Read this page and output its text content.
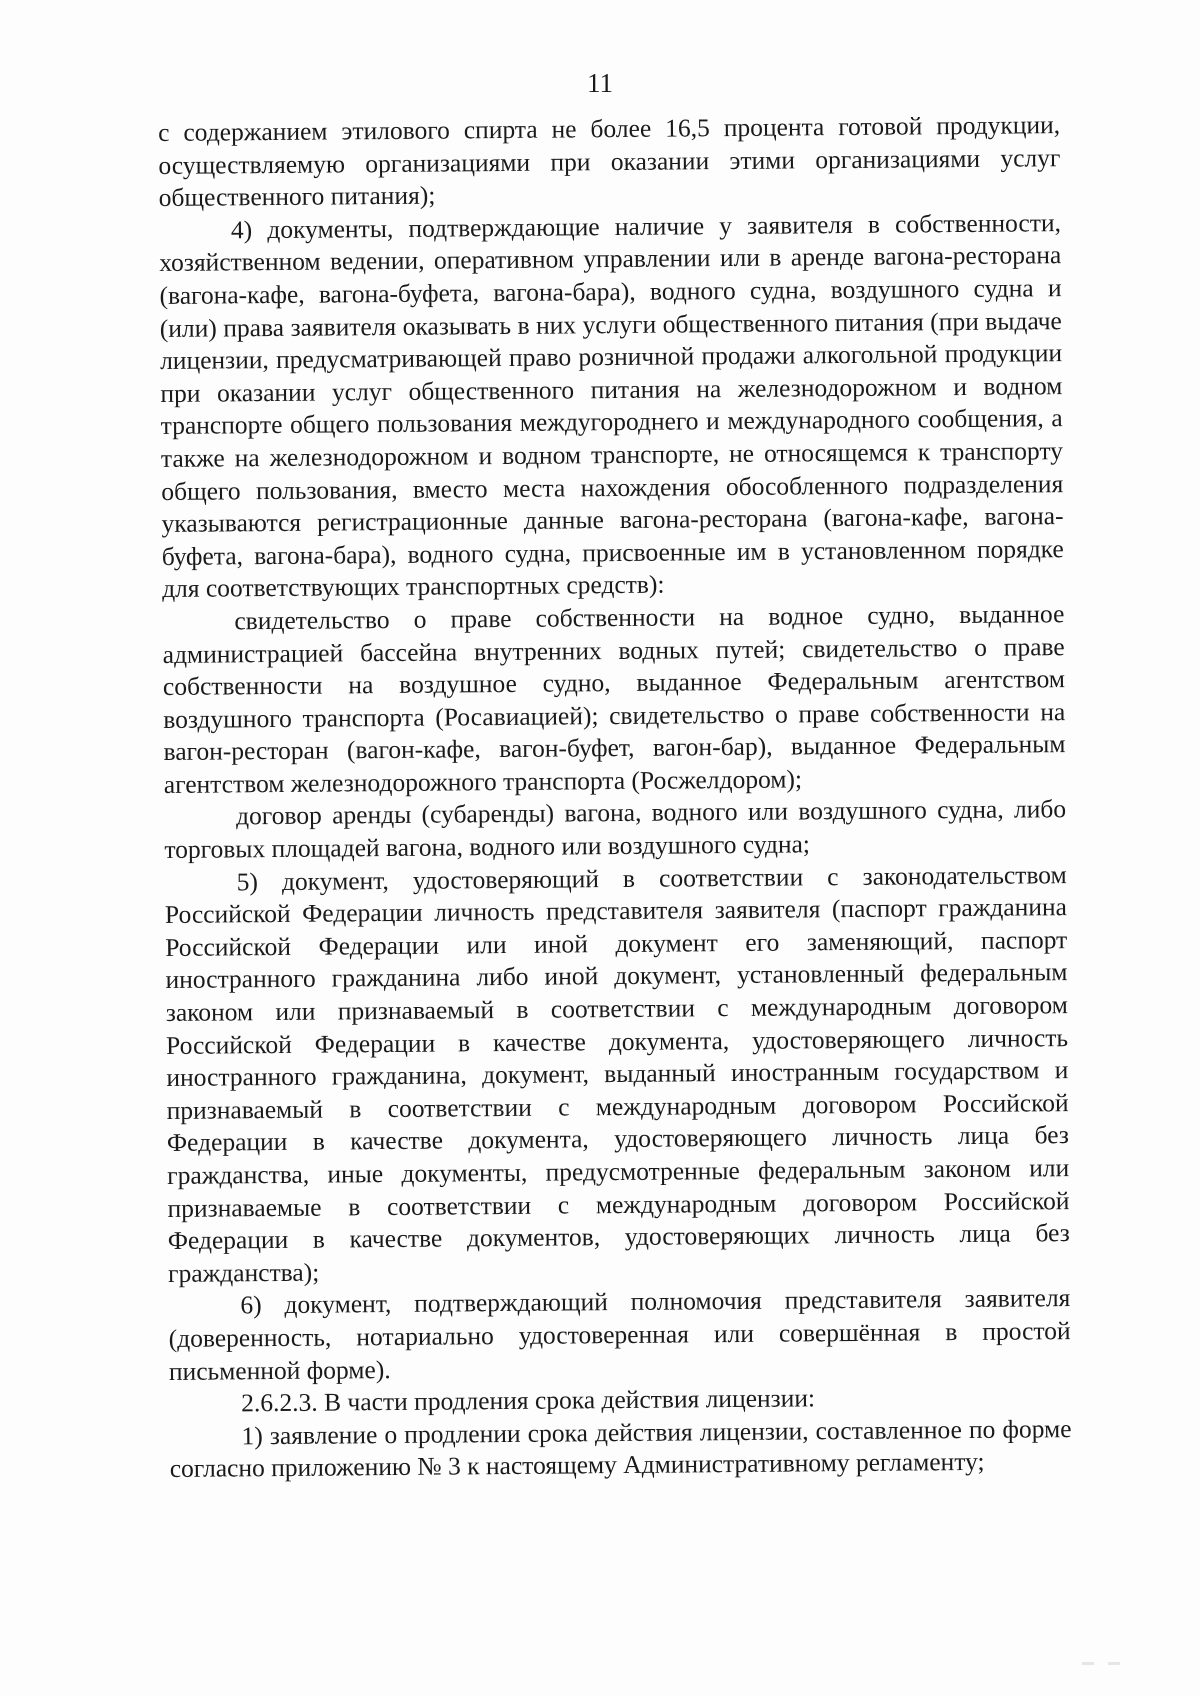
11

с содержанием этилового спирта не более 16,5 процента готовой продукции, осуществляемую организациями при оказании этими организациями услуг общественного питания);

4) документы, подтверждающие наличие у заявителя в собственности, хозяйственном ведении, оперативном управлении или в аренде вагона-ресторана (вагона-кафе, вагона-буфета, вагона-бара), водного судна, воздушного судна и (или) права заявителя оказывать в них услуги общественного питания (при выдаче лицензии, предусматривающей право розничной продажи алкогольной продукции при оказании услуг общественного питания на железнодорожном и водном транспорте общего пользования междугороднего и международного сообщения, а также на железнодорожном и водном транспорте, не относящемся к транспорту общего пользования, вместо места нахождения обособленного подразделения указываются регистрационные данные вагона-ресторана (вагона-кафе, вагона-буфета, вагона-бара), водного судна, присвоенные им в установленном порядке для соответствующих транспортных средств):

свидетельство о праве собственности на водное судно, выданное администрацией бассейна внутренних водных путей; свидетельство о праве собственности на воздушное судно, выданное Федеральным агентством воздушного транспорта (Росавиацией); свидетельство о праве собственности на вагон-ресторан (вагон-кафе, вагон-буфет, вагон-бар), выданное Федеральным агентством железнодорожного транспорта (Росжелдором);

договор аренды (субаренды) вагона, водного или воздушного судна, либо торговых площадей вагона, водного или воздушного судна;

5) документ, удостоверяющий в соответствии с законодательством Российской Федерации личность представителя заявителя (паспорт гражданина Российской Федерации или иной документ его заменяющий, паспорт иностранного гражданина либо иной документ, установленный федеральным законом или признаваемый в соответствии с международным договором Российской Федерации в качестве документа, удостоверяющего личность иностранного гражданина, документ, выданный иностранным государством и признаваемый в соответствии с международным договором Российской Федерации в качестве документа, удостоверяющего личность лица без гражданства, иные документы, предусмотренные федеральным законом или признаваемые в соответствии с международным договором Российской Федерации в качестве документов, удостоверяющих личность лица без гражданства);

6) документ, подтверждающий полномочия представителя заявителя (доверенность, нотариально удостоверенная или совершённая в простой письменной форме).

2.6.2.3. В части продления срока действия лицензии:

1) заявление о продлении срока действия лицензии, составленное по форме согласно приложению № 3 к настоящему Административному регламенту;
